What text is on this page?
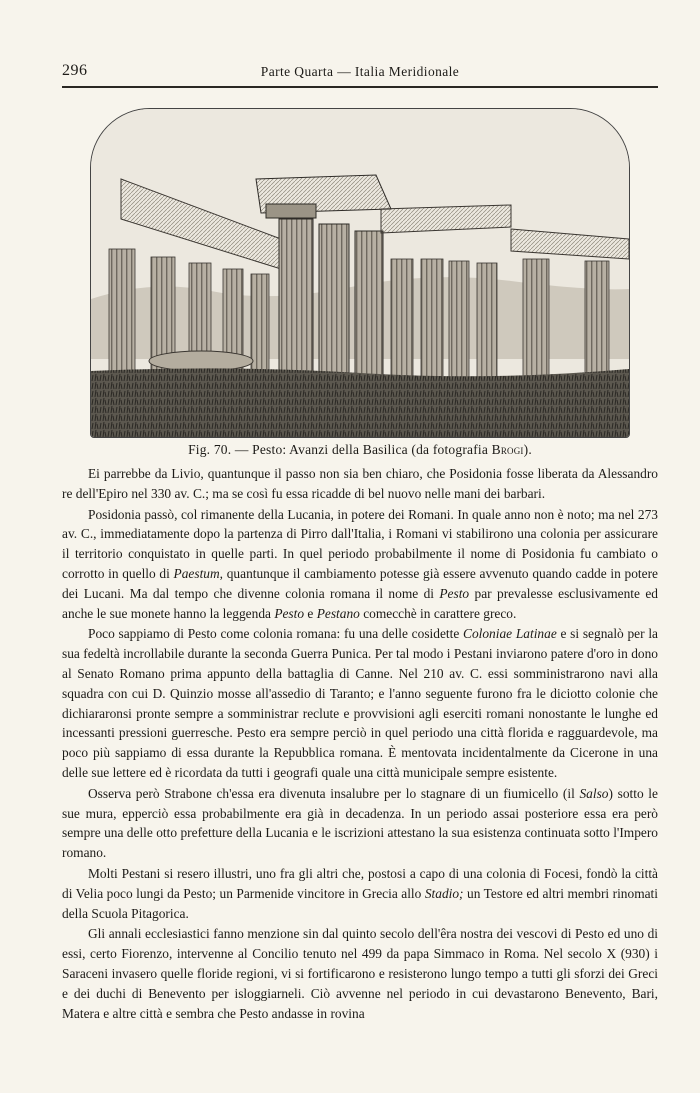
296	Parte Quarta — Italia Meridionale
Fig. 70. — Pesto: Avanzi della Basilica (da fotografia Brogi).

Ei parrebbe da Livio, quantunque il passo non sia ben chiaro, che Posidonia fosse liberata da Alessandro re dell'Epiro nel 330 av. C.; ma se così fu essa ricadde di bel nuovo nelle mani dei barbari.

Posidonia passò, col rimanente della Lucania, in potere dei Romani. In quale anno non è noto; ma nel 273 av. C., immediatamente dopo la partenza di Pirro dall'Italia, i Romani vi stabilirono una colonia per assicurare il territorio conquistato in quelle parti. In quel periodo probabilmente il nome di Posidonia fu cambiato o corrotto in quello di Paestum, quantunque il cambiamento potesse già essere avvenuto quando cadde in potere dei Lucani. Ma dal tempo che divenne colonia romana il nome di Pesto par prevalesse esclusivamente ed anche le sue monete hanno la leggenda Pesto e Pestano comecchè in carattere greco.

Poco sappiamo di Pesto come colonia romana: fu una delle cosidette Coloniae Latinae e si segnalò per la sua fedeltà incrollabile durante la seconda Guerra Punica. Per tal modo i Pestani inviarono patere d'oro in dono al Senato Romano prima appunto della battaglia di Canne. Nel 210 av. C. essi somministrarono navi alla squadra con cui D. Quinzio mosse all'assedio di Taranto; e l'anno seguente furono fra le diciotto colonie che dichiararonsi pronte sempre a somministrar reclute e provvisioni agli eserciti romani nonostante le lunghe ed incessanti pressioni guerresche. Pesto era sempre perciò in quel periodo una città florida e ragguardevole, ma poco più sappiamo di essa durante la Repubblica romana. È mentovata incidentalmente da Cicerone in una delle sue lettere ed è ricordata da tutti i geografi quale una città municipale sempre esistente.

Osserva però Strabone ch'essa era divenuta insalubre per lo stagnare di un fiumicello (il Salso) sotto le sue mura, epperciò essa probabilmente era già in decadenza. In un periodo assai posteriore essa era però sempre una delle otto prefetture della Lucania e le iscrizioni attestano la sua esistenza continuata sotto l'Impero romano.

Molti Pestani si resero illustri, uno fra gli altri che, postosi a capo di una colonia di Focesi, fondò la città di Velia poco lungi da Pesto; un Parmenide vincitore in Grecia allo Stadio; un Testore ed altri membri rinomati della Scuola Pitagorica.

Gli annali ecclesiastici fanno menzione sin dal quinto secolo dell'êra nostra dei vescovi di Pesto ed uno di essi, certo Fiorenzo, intervenne al Concilio tenuto nel 499 da papa Simmaco in Roma. Nel secolo X (930) i Saraceni invasero quelle floride regioni, vi si fortificarono e resisterono lungo tempo a tutti gli sforzi dei Greci e dei duchi di Benevento per isloggiarneli. Ciò avvenne nel periodo in cui devastarono Benevento, Bari, Matera e altre città e sembra che Pesto andasse in rovina
